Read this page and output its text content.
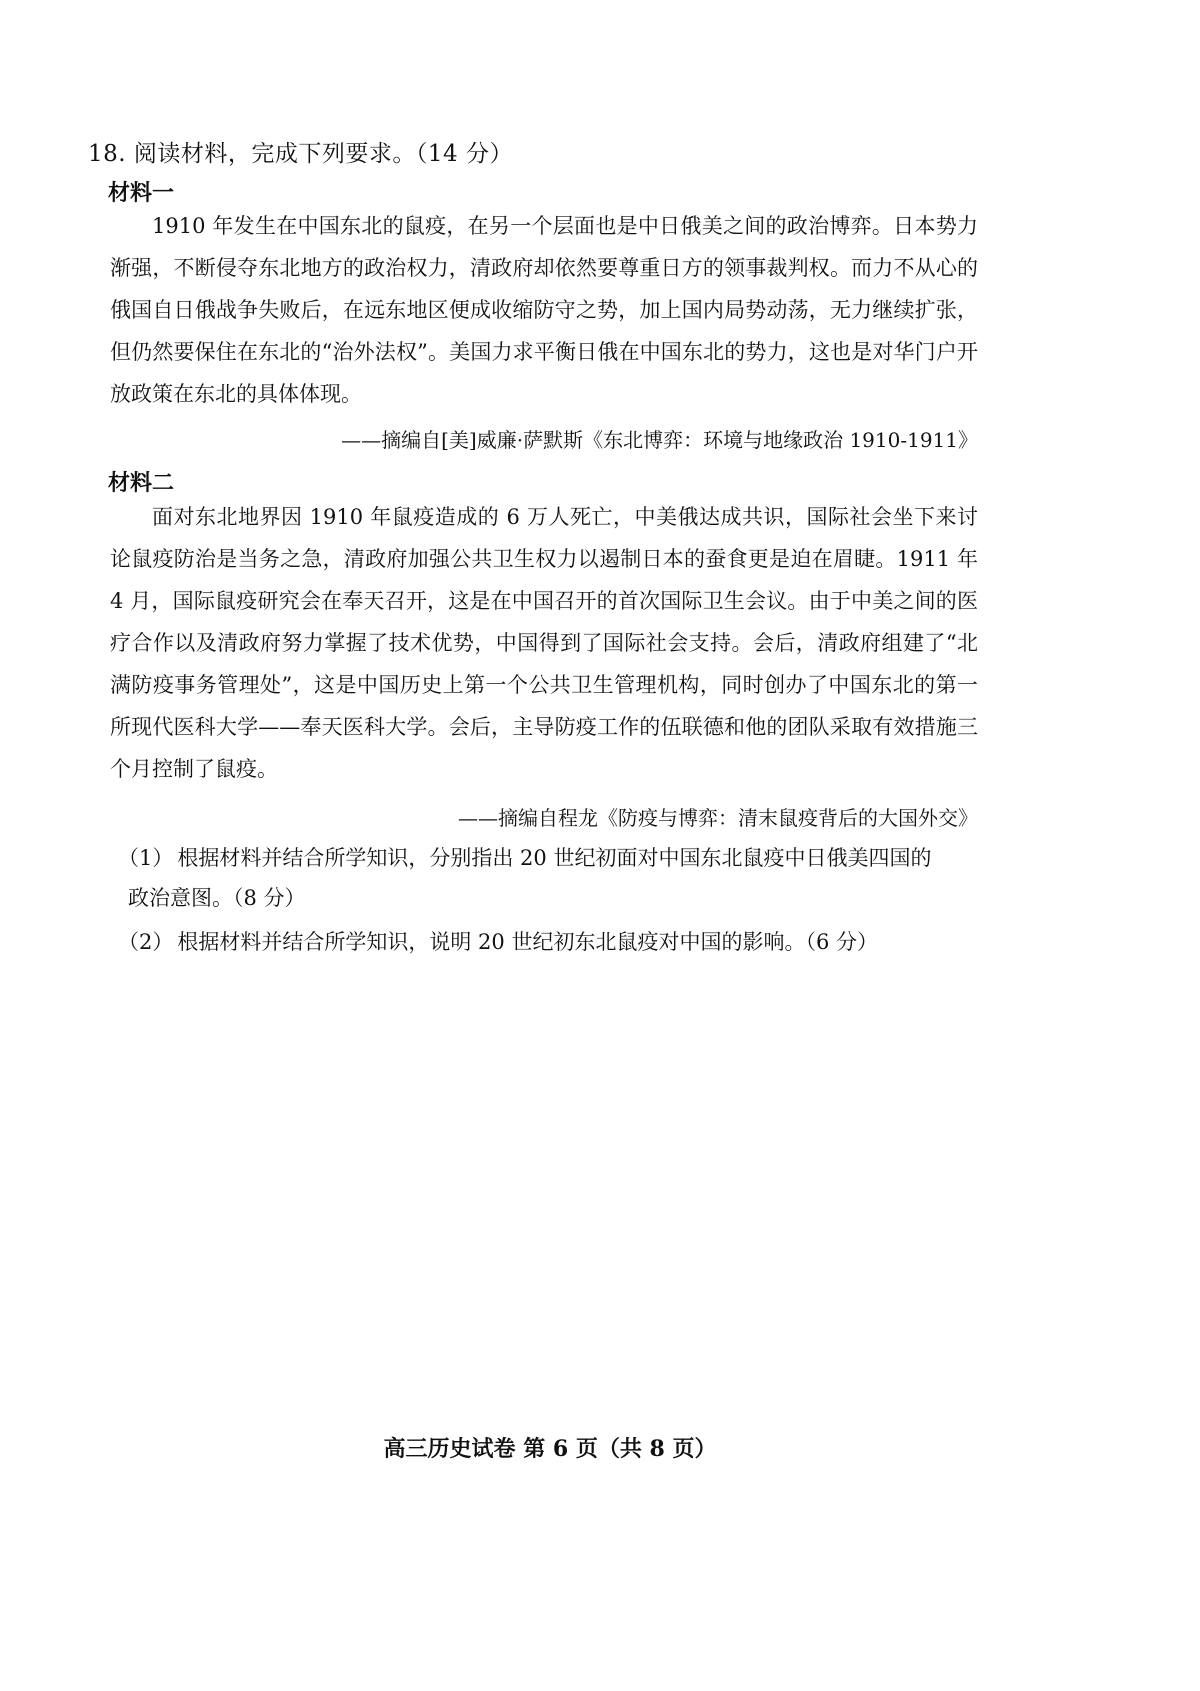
18. 阅读材料，完成下列要求。（14 分）
材料一

1910 年发生在中国东北的鼠疫，在另一个层面也是中日俄美之间的政治博弈。日本势力渐强，不断侵夺东北地方的政治权力，清政府却依然要尊重日方的领事裁判权。而力不从心的俄国自日俄战争失败后，在远东地区便成收缩防守之势，加上国内局势动荡，无力继续扩张，但仍然要保住在东北的“治外法权”。美国力求平衡日俄在中国东北的势力，这也是对华门户开放政策在东北的具体体现。

——摘编自[美]威廉·萨默斯《东北博弈：环境与地缘政治 1910-1911》
材料二

面对东北地界因 1910 年鼠疫造成的 6 万人死亡，中美俄达成共识，国际社会坐下来讨论鼠疫防治是当务之急，清政府加强公共卫生权力以遏制日本的蚕食更是迫在眉睫。1911 年 4 月，国际鼠疫研究会在奉天召开，这是在中国召开的首次国际卫生会议。由于中美之间的医疗合作以及清政府努力掌握了技术优势，中国得到了国际社会支持。会后，清政府组建了“北满防疫事务管理处”，这是中国历史上第一个公共卫生管理机构，同时创办了中国东北的第一所现代医科大学——奉天医科大学。会后，主导防疫工作的伍联德和他的团队采取有效措施三个月控制了鼠疫。

——摘编自程龙《防疫与博弈：清末鼠疫背后的大国外交》
（1） 根据材料并结合所学知识，分别指出 20 世纪初面对中国东北鼠疫中日俄美四国的
政治意图。（8 分）
（2） 根据材料并结合所学知识，说明 20 世纪初东北鼠疫对中国的影响。（6 分）
高三历史试卷 第 6 页（共 8 页）
